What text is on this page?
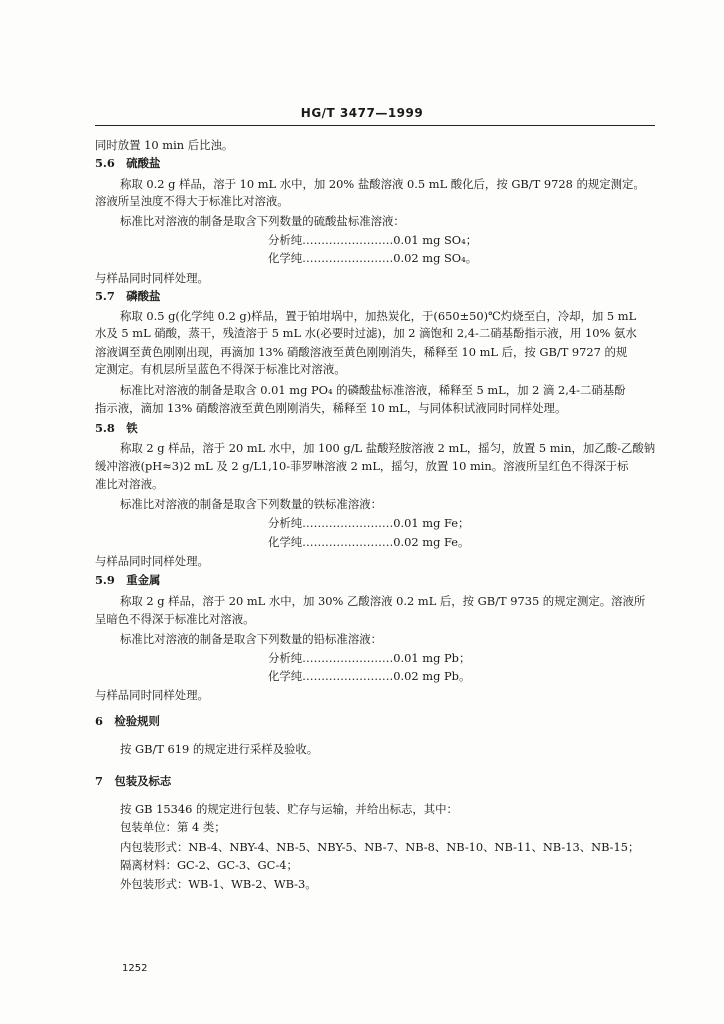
HG/T 3477—1999
同时放置 10 min 后比浊。
5.6　硫酸盐
称取 0.2 g 样品，溶于 10 mL 水中，加 20% 盐酸溶液 0.5 mL 酸化后，按 GB/T 9728 的规定测定。
溶液所呈浊度不得大于标准比对溶液。
标准比对溶液的制备是取含下列数量的硫酸盐标准溶液：
分析纯……………………0.01 mg SO₄；
化学纯……………………0.02 mg SO₄。
与样品同时同样处理。
5.7　磷酸盐
称取 0.5 g(化学纯 0.2 g)样品，置于铂坩埚中，加热炭化，于(650±50)℃灼烧至白，冷却，加 5 mL
水及 5 mL 硝酸，蒸干，残渣溶于 5 mL 水(必要时过滤)，加 2 滴饱和 2,4-二硝基酚指示液，用 10% 氨水
溶液调至黄色刚刚出现，再滴加 13% 硝酸溶液至黄色刚刚消失，稀释至 10 mL 后，按 GB/T 9727 的规
定测定。有机层所呈蓝色不得深于标准比对溶液。
标准比对溶液的制备是取含 0.01 mg PO₄ 的磷酸盐标准溶液，稀释至 5 mL，加 2 滴 2,4-二硝基酚
指示液，滴加 13% 硝酸溶液至黄色刚刚消失，稀释至 10 mL，与同体积试液同时同样处理。
5.8　铁
称取 2 g 样品，溶于 20 mL 水中，加 100 g/L 盐酸羟胺溶液 2 mL，摇匀，放置 5 min，加乙酸-乙酸钠
缓冲溶液(pH≈3)2 mL 及 2 g/L1,10-菲罗啉溶液 2 mL，摇匀，放置 10 min。溶液所呈红色不得深于标
准比对溶液。
标准比对溶液的制备是取含下列数量的铁标准溶液：
分析纯……………………0.01 mg Fe；
化学纯……………………0.02 mg Fe。
与样品同时同样处理。
5.9　重金属
称取 2 g 样品，溶于 20 mL 水中，加 30% 乙酸溶液 0.2 mL 后，按 GB/T 9735 的规定测定。溶液所
呈暗色不得深于标准比对溶液。
标准比对溶液的制备是取含下列数量的铅标准溶液：
分析纯……………………0.01 mg Pb；
化学纯……………………0.02 mg Pb。
与样品同时同样处理。
6　检验规则
按 GB/T 619 的规定进行采样及验收。
7　包装及标志
按 GB 15346 的规定进行包装、贮存与运输，并给出标志，其中：
包装单位：第 4 类；
内包装形式：NB-4、NBY-4、NB-5、NBY-5、NB-7、NB-8、NB-10、NB-11、NB-13、NB-15；
隔离材料：GC-2、GC-3、GC-4；
外包装形式：WB-1、WB-2、WB-3。
1252
